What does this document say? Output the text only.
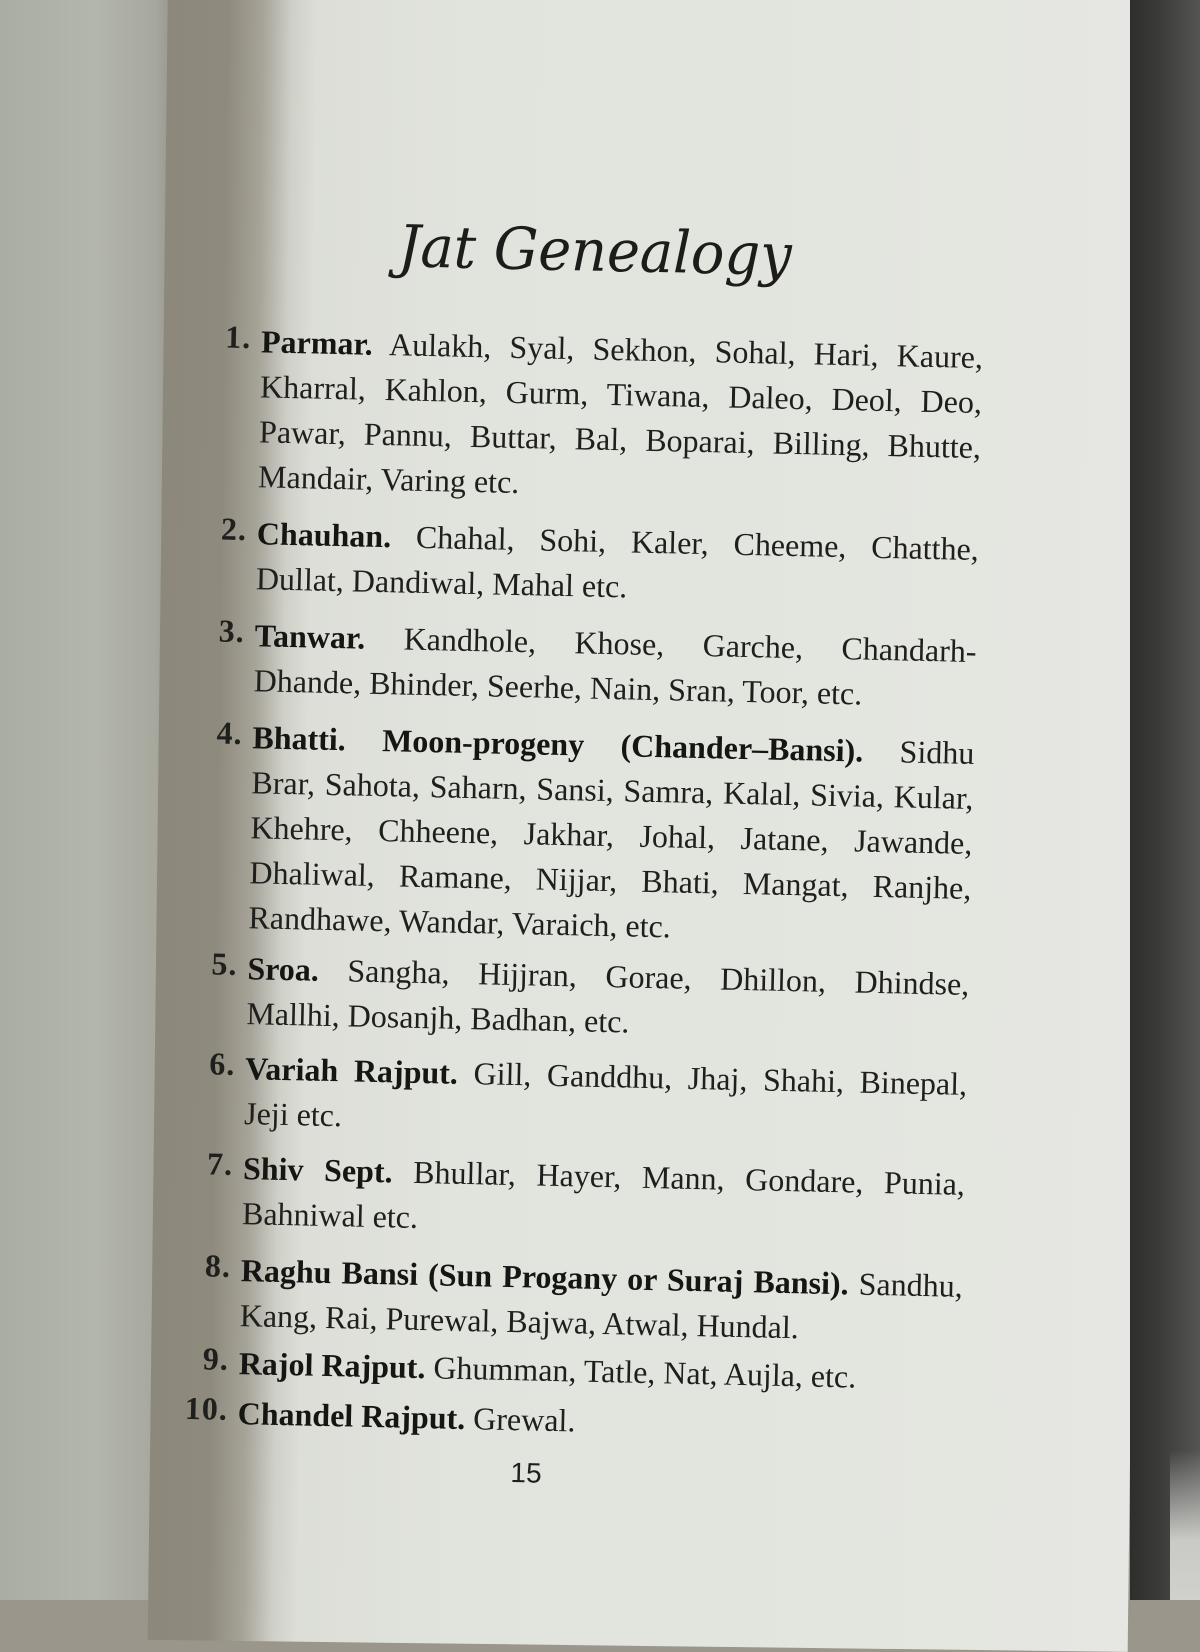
Jat Genealogy
1. Parmar. Aulakh, Syal, Sekhon, Sohal, Hari, Kaure,
Kharral, Kahlon, Gurm, Tiwana, Daleo, Deol, Deo,
Pawar, Pannu, Buttar, Bal, Boparai, Billing, Bhutte,
Mandair, Varing etc.
2. Chauhan. Chahal, Sohi, Kaler, Cheeme, Chatthe,
Dullat, Dandiwal, Mahal etc.
3. Tanwar. Kandhole, Khose, Garche, Chandarh-
Dhande, Bhinder, Seerhe, Nain, Sran, Toor, etc.
4. Bhatti. Moon-progeny (Chander–Bansi). Sidhu
Brar, Sahota, Saharn, Sansi, Samra, Kalal, Sivia, Kular,
Khehre, Chheene, Jakhar, Johal, Jatane, Jawande,
Dhaliwal, Ramane, Nijjar, Bhati, Mangat, Ranjhe,
Randhawe, Wandar, Varaich, etc.
5. Sroa. Sangha, Hijjran, Gorae, Dhillon, Dhindse,
Mallhi, Dosanjh, Badhan, etc.
6. Variah Rajput. Gill, Ganddhu, Jhaj, Shahi, Binepal,
Jeji etc.
7. Shiv Sept. Bhullar, Hayer, Mann, Gondare, Punia,
Bahniwal etc.
8. Raghu Bansi (Sun Progany or Suraj Bansi). Sandhu,
Kang, Rai, Purewal, Bajwa, Atwal, Hundal.
9. Rajol Rajput. Ghumman, Tatle, Nat, Aujla, etc.
10. Chandel Rajput. Grewal.
15
